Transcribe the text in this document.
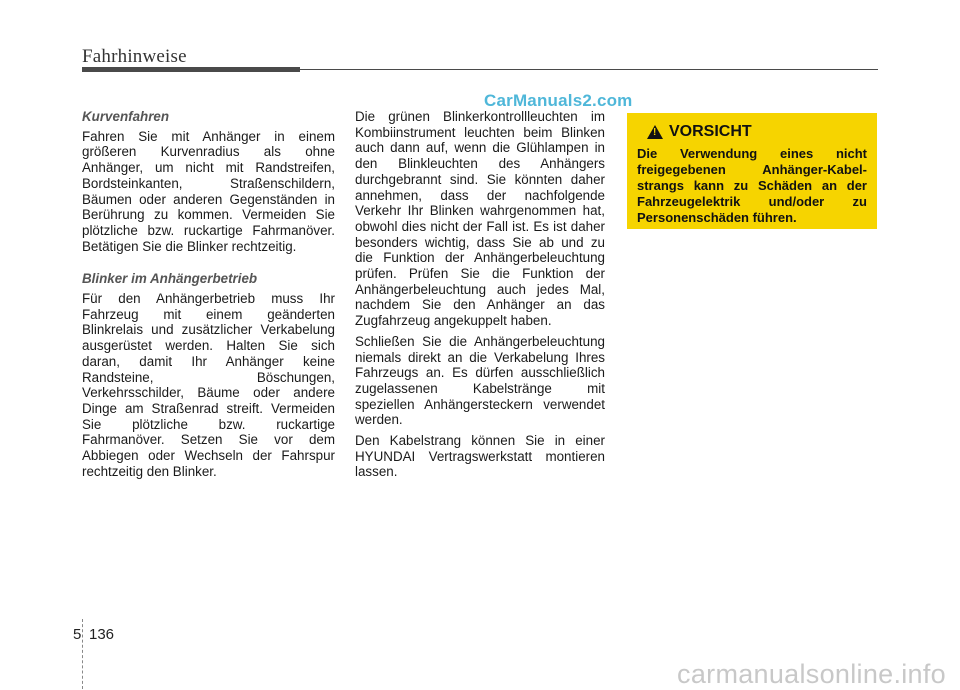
Fahrhinweise
CarManuals2.com
Kurvenfahren

Fahren Sie mit Anhänger in einem größeren Kurvenradius als ohne Anhänger, um nicht mit Randstreifen, Bordsteinkanten, Straßenschildern, Bäumen oder anderen Gegenständen in Berührung zu kommen. Vermeiden Sie plötzliche bzw. ruckartige Fahrmanöver. Betätigen Sie die Blinker rechtzeitig.

Blinker im Anhängerbetrieb

Für den Anhängerbetrieb muss Ihr Fahrzeug mit einem geänderten Blinkrelais und zusätzlicher Verkabelung ausgerüstet werden. Halten Sie sich daran, damit Ihr Anhänger keine Randsteine, Böschungen, Verkehrsschilder, Bäume oder andere Dinge am Straßenrad streift. Vermeiden Sie plötzliche bzw. ruckartige Fahrmanöver. Setzen Sie vor dem Abbiegen oder Wechseln der Fahrspur rechtzeitig den Blinker.

Die grünen Blinkerkontrollleuchten im Kombiinstrument leuchten beim Blinken auch dann auf, wenn die Glühlampen in den Blinkleuchten des Anhängers durchgebrannt sind. Sie könnten daher annehmen, dass der nachfolgende Verkehr Ihr Blinken wahrgenommen hat, obwohl dies nicht der Fall ist. Es ist daher besonders wichtig, dass Sie ab und zu die Funktion der Anhängerbeleuchtung prüfen. Prüfen Sie die Funktion der Anhängerbeleuchtung auch jedes Mal, nachdem Sie den Anhänger an das Zugfahrzeug angekuppelt haben.

Schließen Sie die Anhängerbeleuchtung niemals direkt an die Verkabelung Ihres Fahrzeugs an. Es dürfen ausschließlich zugelassenen Kabelstränge mit speziellen Anhängersteckern verwendet werden.

Den Kabelstrang können Sie in einer HYUNDAI Vertragswerkstatt montieren lassen.

!
VORSICHT
Die Verwendung eines nicht freigegebenen Anhänger-Kabel-strangs kann zu Schäden an der Fahrzeugelektrik und/oder zu Personenschäden führen.
5 136
carmanualsonline.info
